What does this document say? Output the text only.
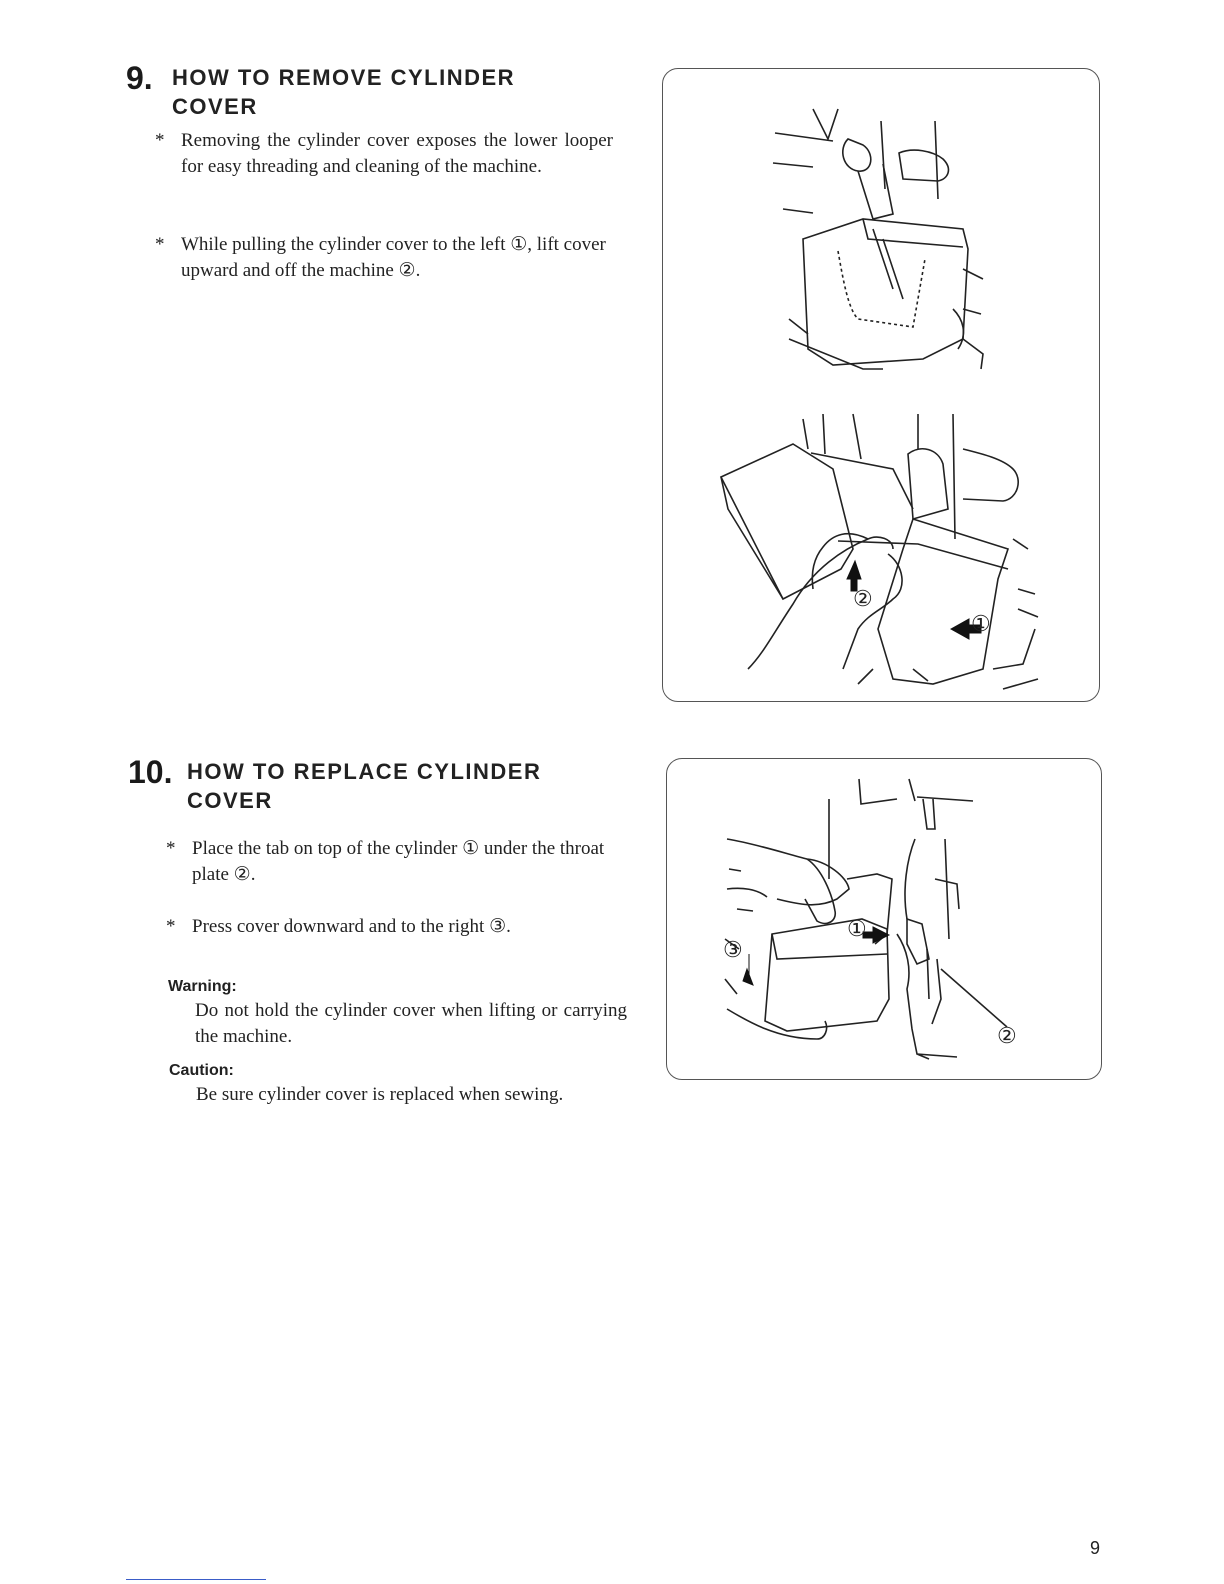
9. HOW TO REMOVE CYLINDER
COVER
* Removing the cylinder cover exposes the lower looper for easy threading and cleaning of the machine.
* While pulling the cylinder cover to the left ①, lift cover upward and off the machine ②.
②
①
10. HOW TO REPLACE CYLINDER
COVER
* Place the tab on top of the cylinder ① under the throat plate ②.
* Press cover downward and to the right ③.
Warning:
Do not hold the cylinder cover when lifting or carrying the machine.
Caution:
Be sure cylinder cover is replaced when sewing.
①
②
③
9
